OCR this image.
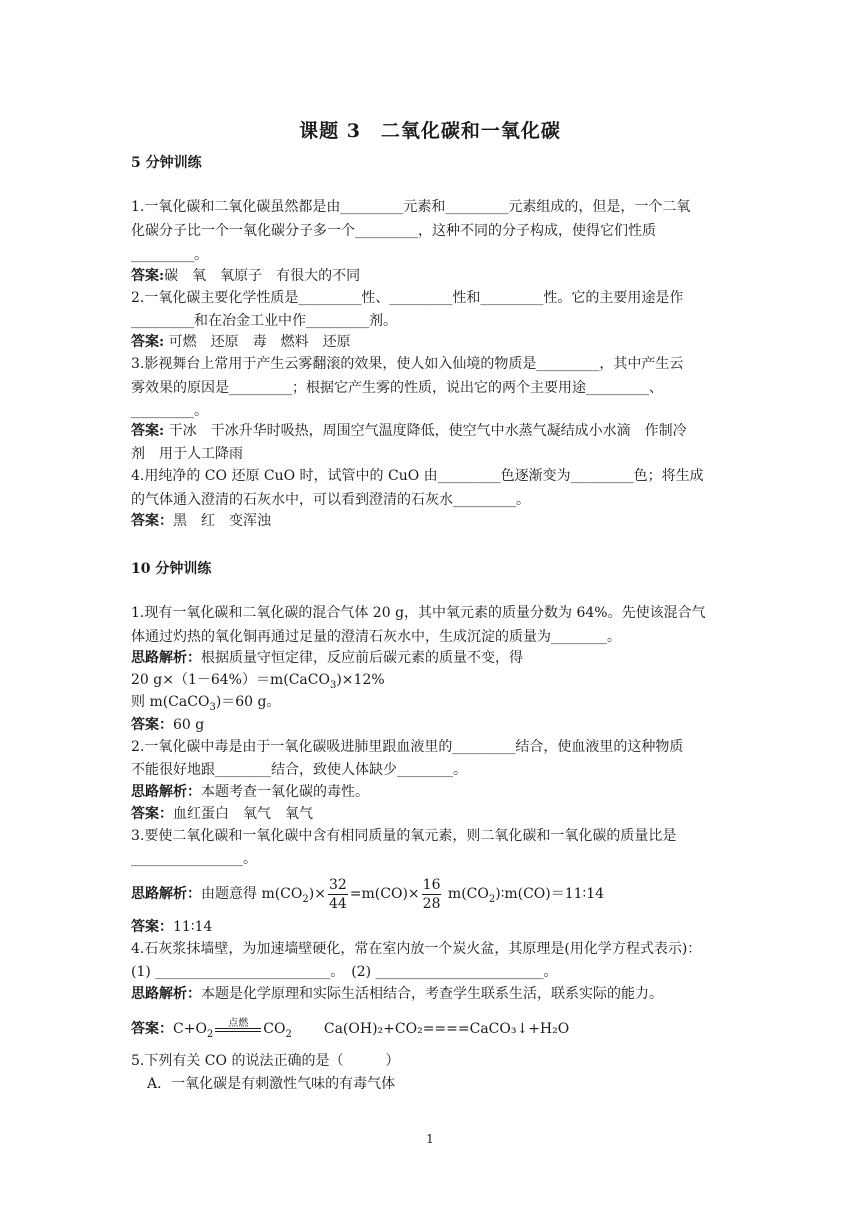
课题 3　二氧化碳和一氧化碳
5 分钟训练
1.一氧化碳和二氧化碳虽然都是由_________元素和_________元素组成的，但是，一个二氧
化碳分子比一个一氧化碳分子多一个_________，这种不同的分子构成，使得它们性质
_________。
答案:碳　氧　氧原子　有很大的不同
2.一氧化碳主要化学性质是_________性、_________性和_________性。它的主要用途是作
_________和在冶金工业中作_________剂。
答案: 可燃　还原　毒　燃料　还原
3.影视舞台上常用于产生云雾翻滚的效果，使人如入仙境的物质是_________，其中产生云
雾效果的原因是_________；根据它产生雾的性质，说出它的两个主要用途_________、
_________。
答案: 干冰　干冰升华时吸热，周围空气温度降低，使空气中水蒸气凝结成小水滴　作制冷
剂　用于人工降雨
4.用纯净的 CO 还原 CuO 时，试管中的 CuO 由_________色逐渐变为_________色；将生成
的气体通入澄清的石灰水中，可以看到澄清的石灰水_________。
答案：黑　红　变浑浊
10 分钟训练
1.现有一氧化碳和二氧化碳的混合气体 20 g，其中氧元素的质量分数为 64%。先使该混合气
体通过灼热的氧化铜再通过足量的澄清石灰水中，生成沉淀的质量为________。
思路解析：根据质量守恒定律，反应前后碳元素的质量不变，得
20 g×（1－64%）＝m(CaCO$_3$)×12%
则 m(CaCO$_3$)＝60 g。
答案：60 g
2.一氧化碳中毒是由于一氧化碳吸进肺里跟血液里的_________结合，使血液里的这种物质
不能很好地跟________结合，致使人体缺少________。
思路解析：本题考查一氧化碳的毒性。
答案：血红蛋白　氧气　氧气
3.要使二氧化碳和一氧化碳中含有相同质量的氧元素，则二氧化碳和一氧化碳的质量比是
________________。
思路解析：由题意得 $m(CO_2)\times \frac{32}{44} =m(CO)\times \frac{16}{28}$ $m(CO_2)∶m(CO)=11∶14$
答案：11∶14
4.石灰浆抹墙壁，为加速墙壁硬化，常在室内放一个炭火盆，其原理是(用化学方程式表示)：
(1) _________________________。　(2) ________________________。
思路解析：本题是化学原理和实际生活相结合，考查学生联系生活，联系实际的能力。
答案：$C+O_2$
点燃	$CO_2$ Ca(OH)₂+CO₂====CaCO₃↓+H₂O
5.下列有关 CO 的说法正确的是（　　　）
A．一氧化碳是有刺激性气味的有毒气体
1
